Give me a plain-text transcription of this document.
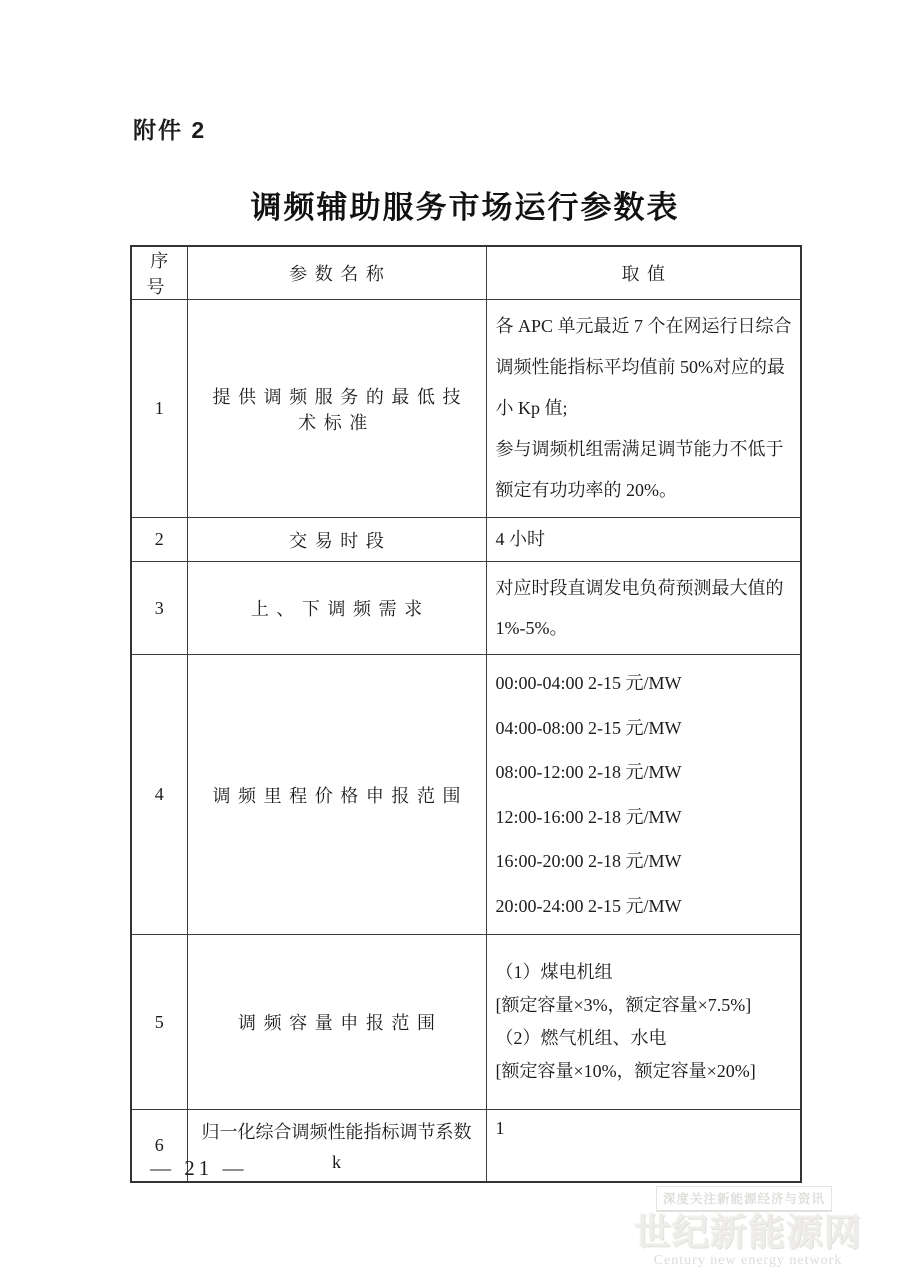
附件 2
调频辅助服务市场运行参数表
序号	参数名称	取值
1	提供调频服务的最低技术标准	各 APC 单元最近 7 个在网运行日综合调频性能指标平均值前 50%对应的最小 Kp 值;

参与调频机组需满足调节能力不低于额定有功功率的 20%。

2	交易时段	4 小时
3	上、下调频需求	对应时段直调发电负荷预测最大值的 1%-5%。
4	调频里程价格申报范围	
00:00-04:00 2-15 元/MW
04:00-08:00 2-15 元/MW
08:00-12:00 2-18 元/MW
12:00-16:00 2-18 元/MW
16:00-20:00 2-18 元/MW
20:00-24:00 2-15 元/MW

5	调频容量申报范围	（1）煤电机组
[额定容量×3%，额定容量×7.5%]
（2）燃气机组、水电
[额定容量×10%，额定容量×20%]

6	归一化综合调频性能指标调节系数
k	1
— 21 —
深度关注新能源经济与资讯
世纪新能源网
Century new energy network
